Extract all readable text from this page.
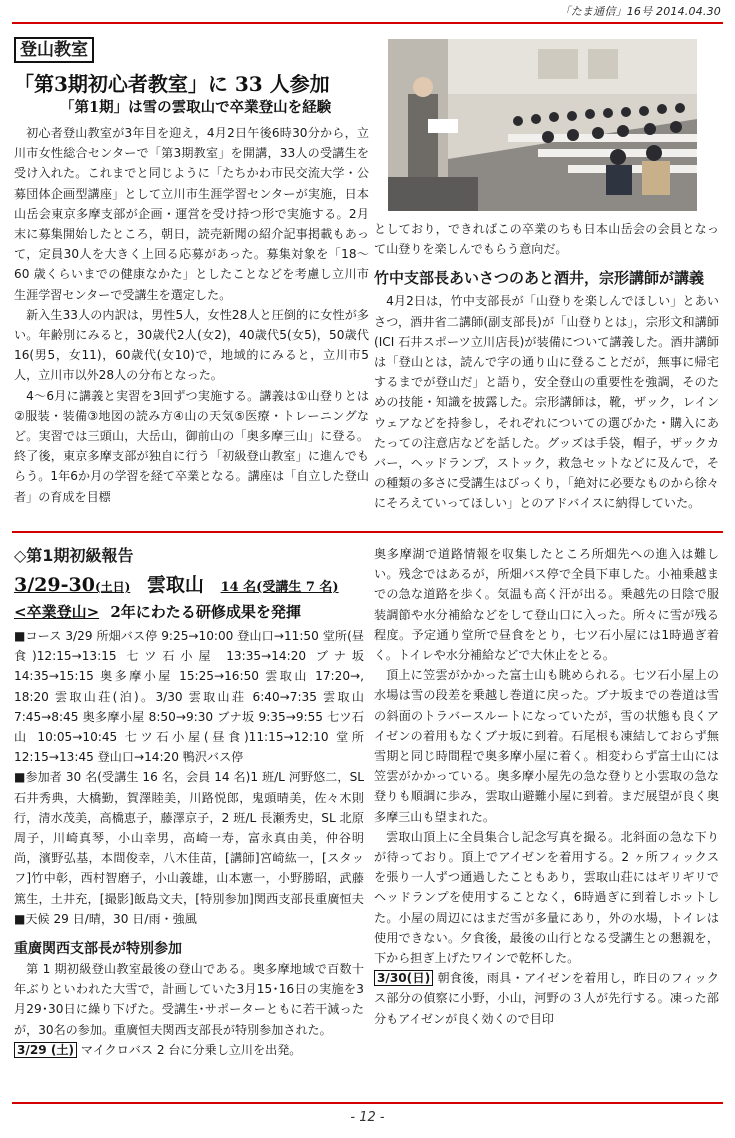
「たま通信」16号 2014.04.30
登山教室
「第3期初心者教室」に 33 人参加
「第1期」は雪の雲取山で卒業登山を経験

初心者登山教室が3年目を迎え，4月2日午後6時30分から，立川市女性総合センターで「第3期教室」を開講，33人の受講生を受け入れた。これまでと同じように「たちかわ市民交流大学・公募団体企画型講座」として立川市生涯学習センターが実施，日本山岳会東京多摩支部が企画・運営を受け持つ形で実施する。2月末に募集開始したところ，朝日，読売新聞の紹介記事掲載もあって，定員30人を大きく上回る応募があった。募集対象を「18～60 歳くらいまでの健康なかた」としたことなどを考慮し立川市生涯学習センターで受講生を選定した。

新入生33人の内訳は，男性5人，女性28人と圧倒的に女性が多い。年齢別にみると，30歳代2人(女2)，40歳代5(女5)，50歳代16(男5，女11)，60歳代(女10)で，地域的にみると，立川市5人，立川市以外28人の分布となった。

4～6月に講義と実習を3回ずつ実施する。講義は①山登りとは②服装・装備③地図の読み方④山の天気⑤医療・トレーニングなど。実習では三頭山，大岳山，御前山の「奥多摩三山」に登る。終了後，東京多摩支部が独自に行う「初級登山教室」に進んでもらう。1年6か月の学習を経て卒業となる。講座は「自立した登山者」の育成を目標

としており，できればこの卒業のちも日本山岳会の会員となって山登りを楽しんでもらう意向だ。

竹中支部長あいさつのあと酒井，宗形講師が講義

4月2日は，竹中支部長が「山登りを楽しんでほしい」とあいさつ，酒井省二講師(副支部長)が「山登りとは」，宗形文和講師(ICI 石井スポーツ立川店長)が装備について講義した。酒井講師は「登山とは，読んで字の通り山に登ることだが，無事に帰宅するまでが登山だ」と語り，安全登山の重要性を強調，そのための技能・知識を披露した。宗形講師は，靴，ザック，レインウェアなどを持参し，それぞれについての選びかた・購入にあたっての注意店などを話した。グッズは手袋，帽子，ザックカバー，ヘッドランプ，ストック，救急セットなどに及んで，その種類の多さに受講生はびっくり，「絶対に必要なものから徐々にそろえていってほしい」とのアドバイスに納得していた。

◇第1期初級報告
3/29-30(土日) 雲取山 14 名(受講生 7 名)
<卒業登山> 2年にわたる研修成果を発揮

■コース 3/29 所畑バス停 9:25→10:00 登山口→11:50 堂所(昼食)12:15→13:15 七ツ石小屋 13:35→14:20 ブナ坂 14:35→15:15 奥多摩小屋 15:25→16:50 雲取山 17:20→, 18:20 雲取山荘(泊)。3/30 雲取山荘 6:40→7:35 雲取山 7:45→8:45 奥多摩小屋 8:50→9:30 ブナ坂 9:35→9:55 七ツ石山 10:05→10:45 七ツ石小屋(昼食)11:15→12:10 堂所 12:15→13:45 登山口→14:20 鴨沢バス停

■参加者 30 名(受講生 16 名，会員 14 名)1 班/L 河野悠二，SL 石井秀典，大橋勤，賀澤睦美，川路悦郎，鬼頭晴美，佐々木則行，清水茂美，高橋恵子，藤澤京子，2 班/L 長瀬秀史，SL 北原周子，川崎真琴，小山幸男，高崎一寿，富永真由美，仲谷明尚，濱野弘基，本間俊幸，八木佳苗，[講師]宮崎紘一，[スタッフ]竹中彰，西村智磨子，小山義雄，山本憲一，小野勝昭，武藤篤生，土井充，[撮影]飯島文夫，[特別参加]関西支部長重廣恒夫 ■天候 29 日/晴，30 日/雨・強風

重廣関西支部長が特別参加

第 1 期初級登山教室最後の登山である。奥多摩地域で百数十年ぶりといわれた大雪で，計画していた3月15･16日の実施を3月29･30日に繰り下げた。受講生･サポーターともに若干減ったが，30名の参加。重廣恒夫関西支部長が特別参加された。

3/29 (土) マイクロバス 2 台に分乗し立川を出発。

奥多摩湖で道路情報を収集したところ所畑先への進入は難しい。残念ではあるが，所畑バス停で全員下車した。小袖乗越までの急な道路を歩く。気温も高く汗が出る。乗越先の日陰で服装調節や水分補給などをして登山口に入った。所々に雪が残る程度。予定通り堂所で昼食をとり，七ツ石小屋には1時過ぎ着く。トイレや水分補給などで大休止をとる。

頂上に笠雲がかかった富士山も眺められる。七ツ石小屋上の水場は雪の段差を乗越し巻道に戻った。ブナ坂までの巻道は雪の斜面のトラバースルートになっていたが，雪の状態も良くアイゼンの着用もなくブナ坂に到着。石尾根も凍結しておらず無雪期と同じ時間程で奥多摩小屋に着く。相変わらず富士山には笠雲がかかっている。奥多摩小屋先の急な登りと小雲取の急な登りも順調に歩み，雲取山避難小屋に到着。まだ展望が良く奥多摩三山も望まれた。

雲取山頂上に全員集合し記念写真を撮る。北斜面の急な下りが待っており。頂上でアイゼンを着用する。2 ヶ所フィックスを張り一人ずつ通過したこともあり，雲取山荘にはギリギリでヘッドランプを使用することなく，6時過ぎに到着しホットした。小屋の周辺にはまだ雪が多量にあり，外の水場，トイレは使用できない。夕食後，最後の山行となる受講生との懇親を，下から担ぎ上げたワインで乾杯した。

3/30(日) 朝食後，雨具・アイゼンを着用し，昨日のフィックス部分の偵察に小野，小山，河野の３人が先行する。凍った部分もアイゼンが良く効くので目印

- 12 -
